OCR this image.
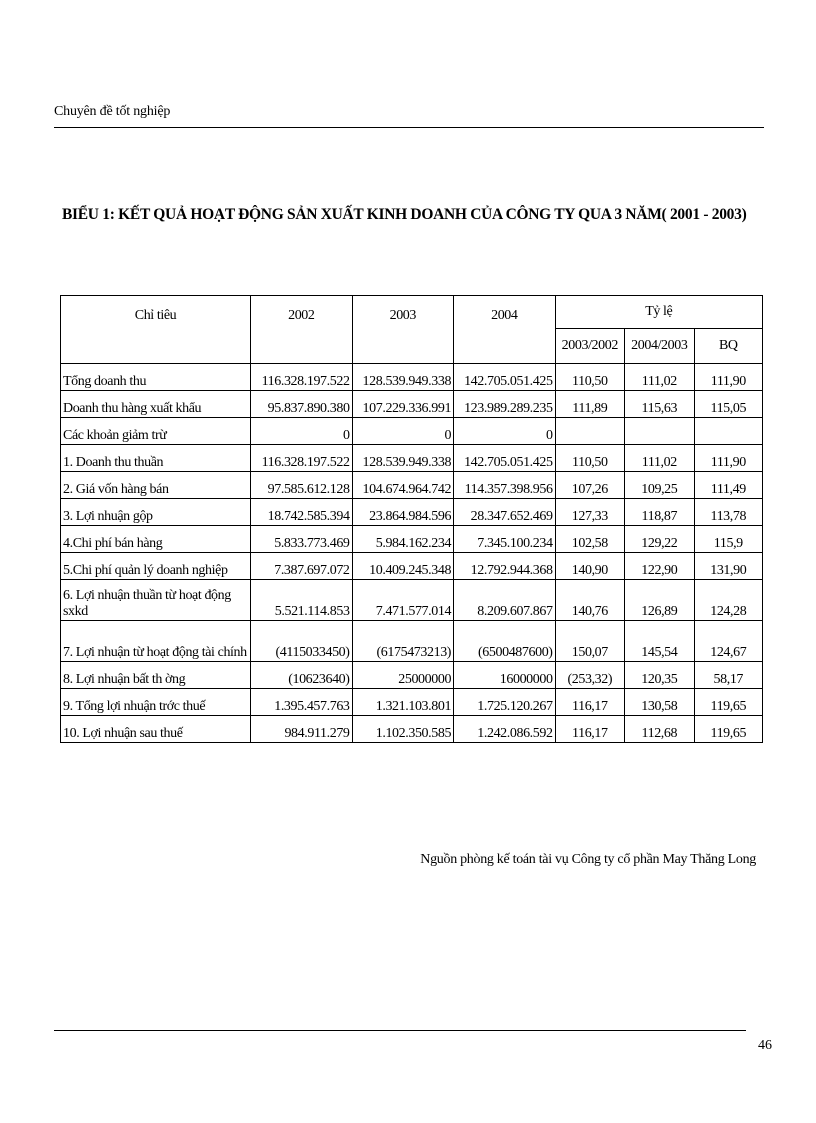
Chuyên đề tốt nghiệp
BIỂU 1: KẾT QUẢ HOẠT ĐỘNG SẢN XUẤT KINH DOANH CỦA CÔNG TY QUA 3 NĂM( 2001 - 2003)
Chỉ tiêu	2002	2003	2004	Tỷ lệ		
				2003/2002	2004/2003	BQ
Tổng doanh thu	116.328.197.522	128.539.949.338	142.705.051.425	110,50	111,02	111,90
Doanh thu hàng xuất khẩu	95.837.890.380	107.229.336.991	123.989.289.235	111,89	115,63	115,05
Các khoản giảm trừ	0	0	0			
1. Doanh thu thuần	116.328.197.522	128.539.949.338	142.705.051.425	110,50	111,02	111,90
2. Giá vốn hàng bán	97.585.612.128	104.674.964.742	114.357.398.956	107,26	109,25	111,49
3. Lợi nhuận gộp	18.742.585.394	23.864.984.596	28.347.652.469	127,33	118,87	113,78
4.Chi phí bán hàng	5.833.773.469	5.984.162.234	7.345.100.234	102,58	129,22	115,9
5.Chi phí quản lý doanh nghiệp	7.387.697.072	10.409.245.348	12.792.944.368	140,90	122,90	131,90
6. Lợi nhuận thuần từ hoạt động sxkd	5.521.114.853	7.471.577.014	8.209.607.867	140,76	126,89	124,28
7. Lợi nhuận từ hoạt động tài chính	(4115033450)	(6175473213)	(6500487600)	150,07	145,54	124,67
8. Lợi nhuận bất th ờng	(10623640)	25000000	16000000	(253,32)	120,35	58,17
9. Tổng lợi nhuận trớc thuế	1.395.457.763	1.321.103.801	1.725.120.267	116,17	130,58	119,65
10. Lợi nhuận sau thuế	984.911.279	1.102.350.585	1.242.086.592	116,17	112,68	119,65
Nguồn phòng kế toán tài vụ Công ty cổ phần May Thăng Long
46
